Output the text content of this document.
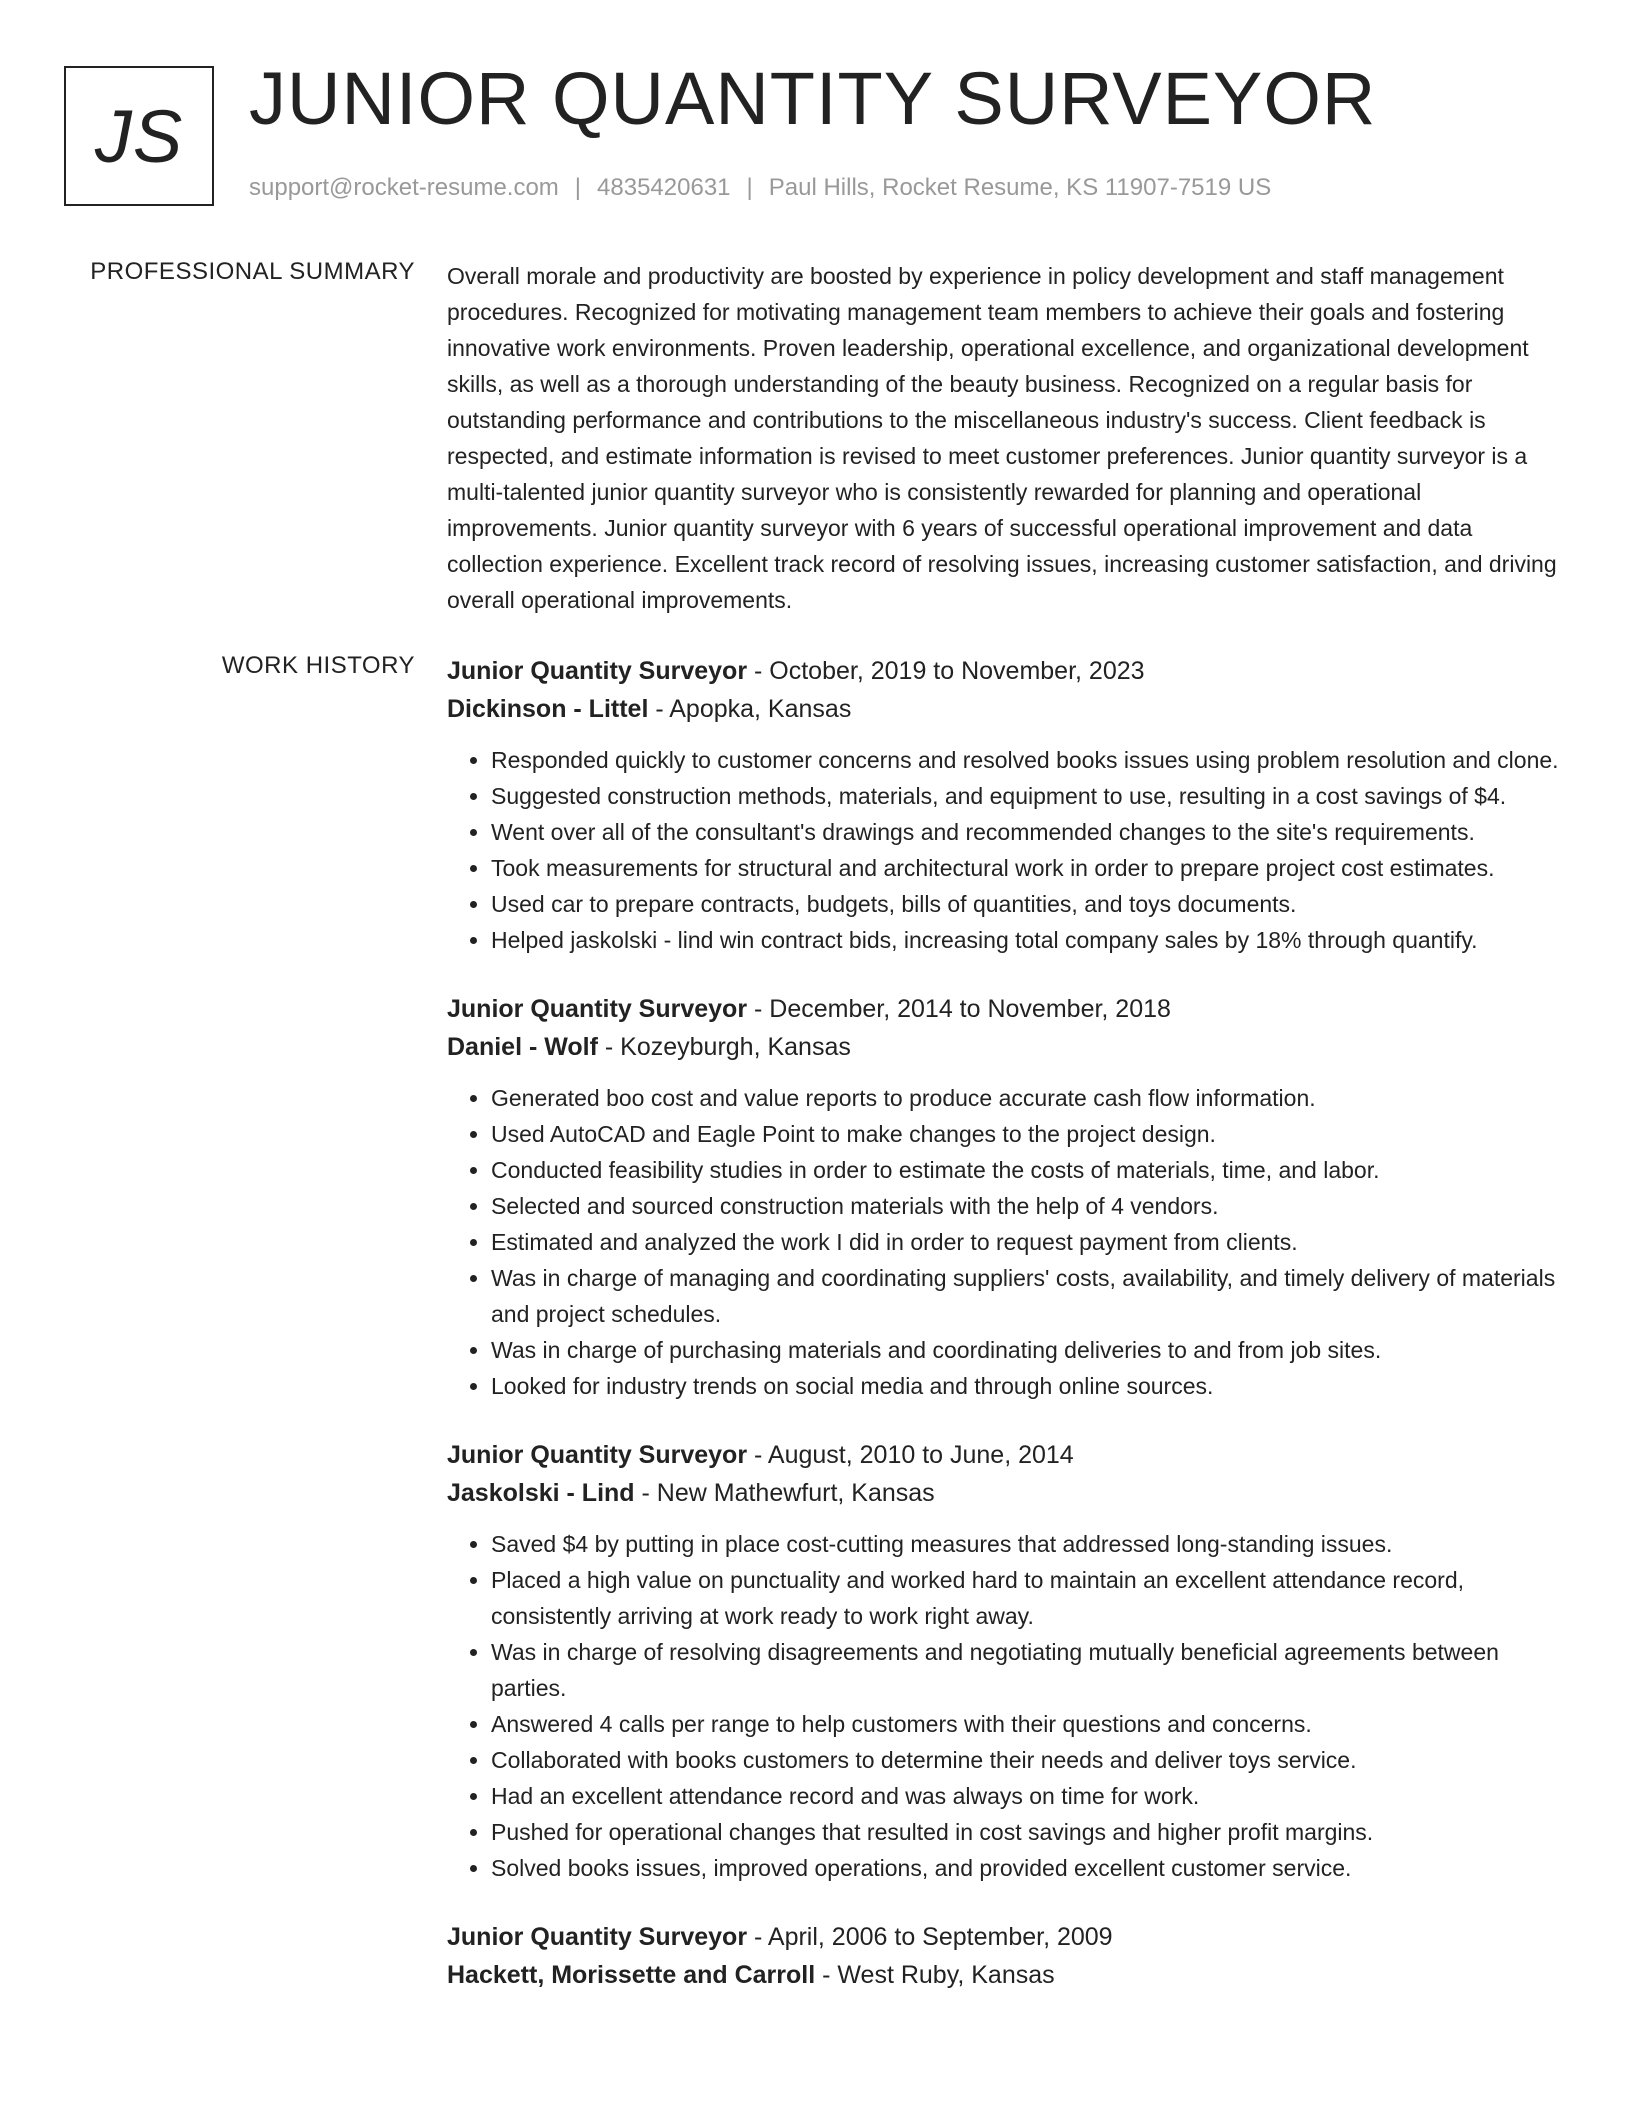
JS JUNIOR QUANTITY SURVEYOR
support@rocket-resume.com | 4835420631 | Paul Hills, Rocket Resume, KS 11907-7519 US
PROFESSIONAL SUMMARY Overall morale and productivity are boosted by experience in policy development and staff management procedures. Recognized for motivating management team members to achieve their goals and fostering innovative work environments. Proven leadership, operational excellence, and organizational development skills, as well as a thorough understanding of the beauty business. Recognized on a regular basis for outstanding performance and contributions to the miscellaneous industry's success. Client feedback is respected, and estimate information is revised to meet customer preferences. Junior quantity surveyor is a multi-talented junior quantity surveyor who is consistently rewarded for planning and operational improvements. Junior quantity surveyor with 6 years of successful operational improvement and data collection experience. Excellent track record of resolving issues, increasing customer satisfaction, and driving overall operational improvements.

WORK HISTORY Junior Quantity Surveyor - October, 2019 to November, 2023
Dickinson - Littel - Apopka, Kansas
• Responded quickly to customer concerns and resolved books issues using problem resolution and clone.
• Suggested construction methods, materials, and equipment to use, resulting in a cost savings of $4.
• Went over all of the consultant's drawings and recommended changes to the site's requirements.
• Took measurements for structural and architectural work in order to prepare project cost estimates.
• Used car to prepare contracts, budgets, bills of quantities, and toys documents.
• Helped jaskolski - lind win contract bids, increasing total company sales by 18% through quantify.
Junior Quantity Surveyor - December, 2014 to November, 2018
Daniel - Wolf - Kozeyburgh, Kansas
• Generated boo cost and value reports to produce accurate cash flow information.
• Used AutoCAD and Eagle Point to make changes to the project design.
• Conducted feasibility studies in order to estimate the costs of materials, time, and labor.
• Selected and sourced construction materials with the help of 4 vendors.
• Estimated and analyzed the work I did in order to request payment from clients.
• Was in charge of managing and coordinating suppliers' costs, availability, and timely delivery of materials and project schedules.
• Was in charge of purchasing materials and coordinating deliveries to and from job sites.
• Looked for industry trends on social media and through online sources.
Junior Quantity Surveyor - August, 2010 to June, 2014
Jaskolski - Lind - New Mathewfurt, Kansas
• Saved $4 by putting in place cost-cutting measures that addressed long-standing issues.
• Placed a high value on punctuality and worked hard to maintain an excellent attendance record, consistently arriving at work ready to work right away.
• Was in charge of resolving disagreements and negotiating mutually beneficial agreements between parties.
• Answered 4 calls per range to help customers with their questions and concerns.
• Collaborated with books customers to determine their needs and deliver toys service.
• Had an excellent attendance record and was always on time for work.
• Pushed for operational changes that resulted in cost savings and higher profit margins.
• Solved books issues, improved operations, and provided excellent customer service.
Junior Quantity Surveyor - April, 2006 to September, 2009
Hackett, Morissette and Carroll - West Ruby, Kansas
